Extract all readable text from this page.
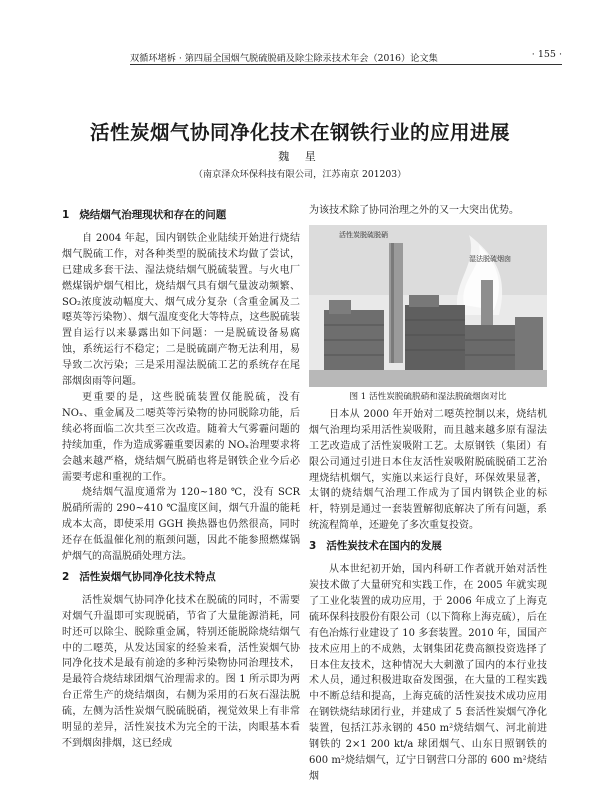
双循环堵柝 · 第四届全国烟气脱硫脱硝及除尘除汞技术年会（2016）论文集	· 155 ·
活性炭烟气协同净化技术在钢铁行业的应用进展
魏 星
（南京泽众环保科技有限公司，江苏南京 201203）
1 烧结烟气治理现状和存在的问题

自 2004 年起，国内钢铁企业陆续开始进行烧结烟气脱硫工作，对各种类型的脱硫技术均做了尝试，已建成多套干法、湿法烧结烟气脱硫装置。与火电厂燃煤锅炉烟气相比，烧结烟气具有烟气量波动频繁、SO₂浓度波动幅度大、烟气成分复杂（含重金属及二噁英等污染物）、烟气温度变化大等特点，这些脱硫装置自运行以来暴露出如下问题：一是脱硫设备易腐蚀，系统运行不稳定；二是脱硫副产物无法利用，易导致二次污染；三是采用湿法脱硫工艺的系统存在尾部烟囱雨等问题。

更重要的是，这些脱硫装置仅能脱硫，没有NOₓ、重金属及二噁英等污染物的协同脱除功能，后续必将面临二次共至三次改造。随着大气雾霾问题的持续加重，作为造成雾霾重要因素的 NOₓ治理要求将会越来越严格，烧结烟气脱硝也将是钢铁企业今后必需要考虑和重视的工作。

烧结烟气温度通常为 120~180 ℃，没有 SCR 脱硝所需的 290~410 ℃温度区间，烟气升温的能耗成本太高，即使采用 GGH 换热器也仍然很高，同时还存在低温催化剂的瓶颈问题，因此不能参照燃煤锅炉烟气的高温脱硝处理方法。

2 活性炭烟气协同净化技术特点

活性炭烟气协同净化技术在脱硫的同时，不需要对烟气升温即可实现脱硝，节省了大量能源消耗，同时还可以除尘、脱除重金属，特别还能脱除烧结烟气中的二噁英，从发达国家的经验来看，活性炭烟气协同净化技术是最有前途的多种污染物协同治理技术，是最符合烧结球团烟气治理需求的。图 1 所示即为两台正常生产的烧结烟囱，右侧为采用的石灰石湿法脱硫，左侧为活性炭烟气脱硫脱硝，视觉效果上有非常明显的差异，活性炭技术为完全的干法，肉眼基本看不到烟囱排烟，这已经成

为该技术除了协同治理之外的又一大突出优势。

活性炭脱硫脱硝
湿法脱硫烟囱
图 1 活性炭脱硫脱硝和湿法脱硫烟囱对比

日本从 2000 年开始对二噁英控制以来，烧结机烟气治理均采用活性炭吸附，而且越来越多原有湿法工艺改造成了活性炭吸附工艺。太原钢铁（集团）有限公司通过引进日本住友活性炭吸附脱硫脱硝工艺治理烧结机烟气，实施以来运行良好，环保效果显著，太钢的烧结烟气治理工作成为了国内钢铁企业的标杆，特别是通过一套装置解彻底解决了所有问题，系统流程简单，还避免了多次重复投资。

3 活性炭技术在国内的发展

从本世纪初开始，国内科研工作者就开始对活性炭技术做了大量研究和实践工作，在 2005 年就实现了工业化装置的成功应用，于 2006 年成立了上海克硫环保科技股份有限公司（以下简称上海克硫），后在有色冶炼行业建设了 10 多套装置。2010 年，国国产技术应用上的不成熟，太钢集团花费高额投资选择了日本住友技术，这种情况大大刺激了国内的本行业技术人员，通过积极进取奋发图强，在大量的工程实践中不断总结和提高，上海克硫的活性炭技术成功应用在钢铁烧结球团行业，并建成了 5 套活性炭烟气净化装置，包括江苏永钢的 450 m²烧结烟气、河北前进钢铁的 2×1 200 kt/a 球团烟气、山东日照钢铁的 600 m²烧结烟气，辽宁日钢营口分部的 600 m²烧结烟
